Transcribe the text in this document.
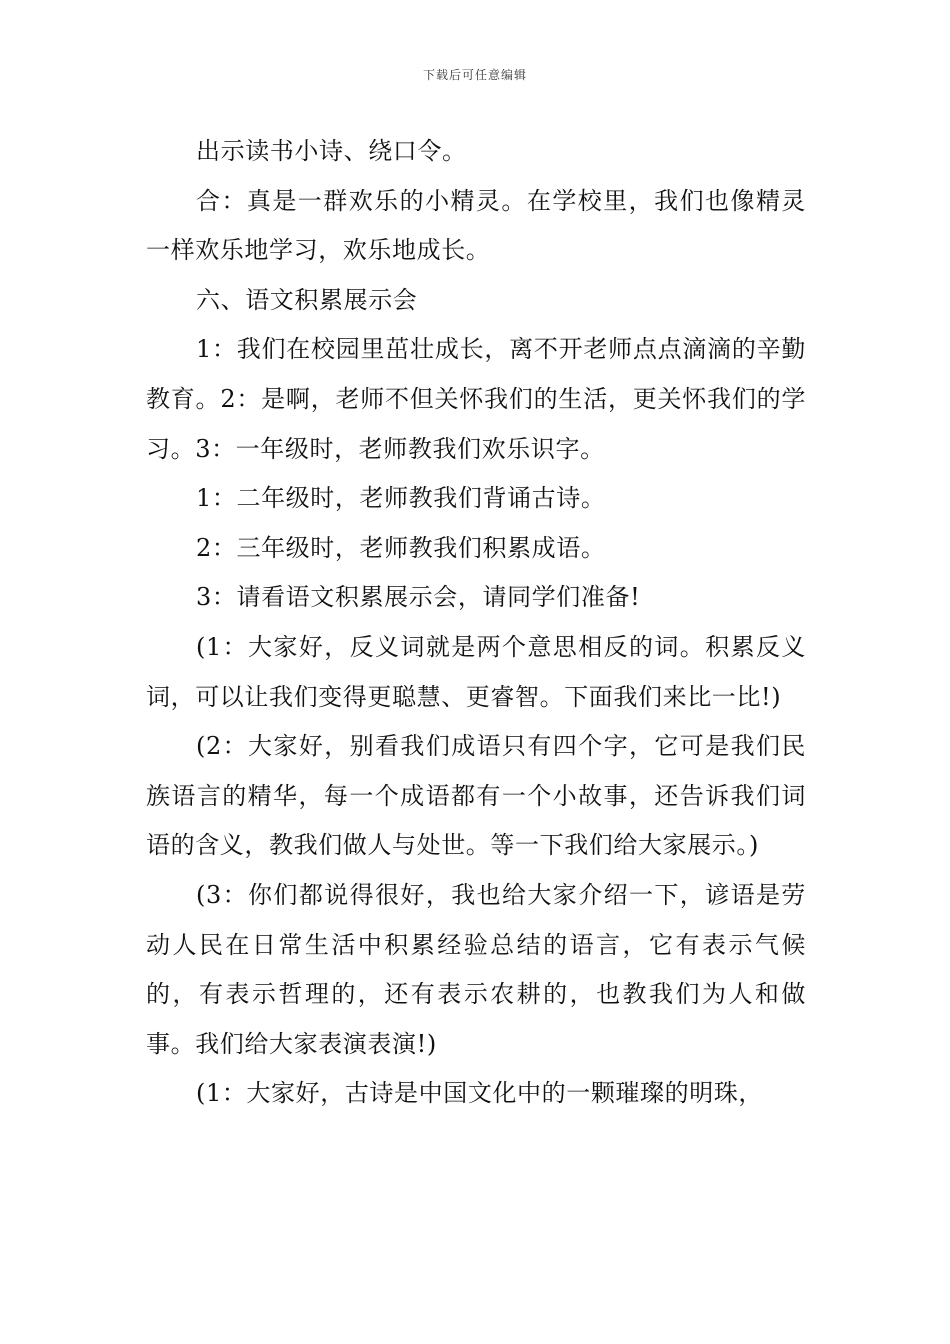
下载后可任意编辑

出示读书小诗、绕口令。

合：真是一群欢乐的小精灵。在学校里，我们也像精灵一样欢乐地学习，欢乐地成长。

六、语文积累展示会

1：我们在校园里茁壮成长，离不开老师点点滴滴的辛勤教育。2：是啊，老师不但关怀我们的生活，更关怀我们的学习。3：一年级时，老师教我们欢乐识字。

1：二年级时，老师教我们背诵古诗。

2：三年级时，老师教我们积累成语。

3：请看语文积累展示会，请同学们准备!

(1：大家好，反义词就是两个意思相反的词。积累反义词，可以让我们变得更聪慧、更睿智。下面我们来比一比!)

(2：大家好，别看我们成语只有四个字，它可是我们民族语言的精华，每一个成语都有一个小故事，还告诉我们词语的含义，教我们做人与处世。等一下我们给大家展示。)

(3：你们都说得很好，我也给大家介绍一下，谚语是劳动人民在日常生活中积累经验总结的语言，它有表示气候的，有表示哲理的，还有表示农耕的，也教我们为人和做事。我们给大家表演表演!)

(1：大家好，古诗是中国文化中的一颗璀璨的明珠，
